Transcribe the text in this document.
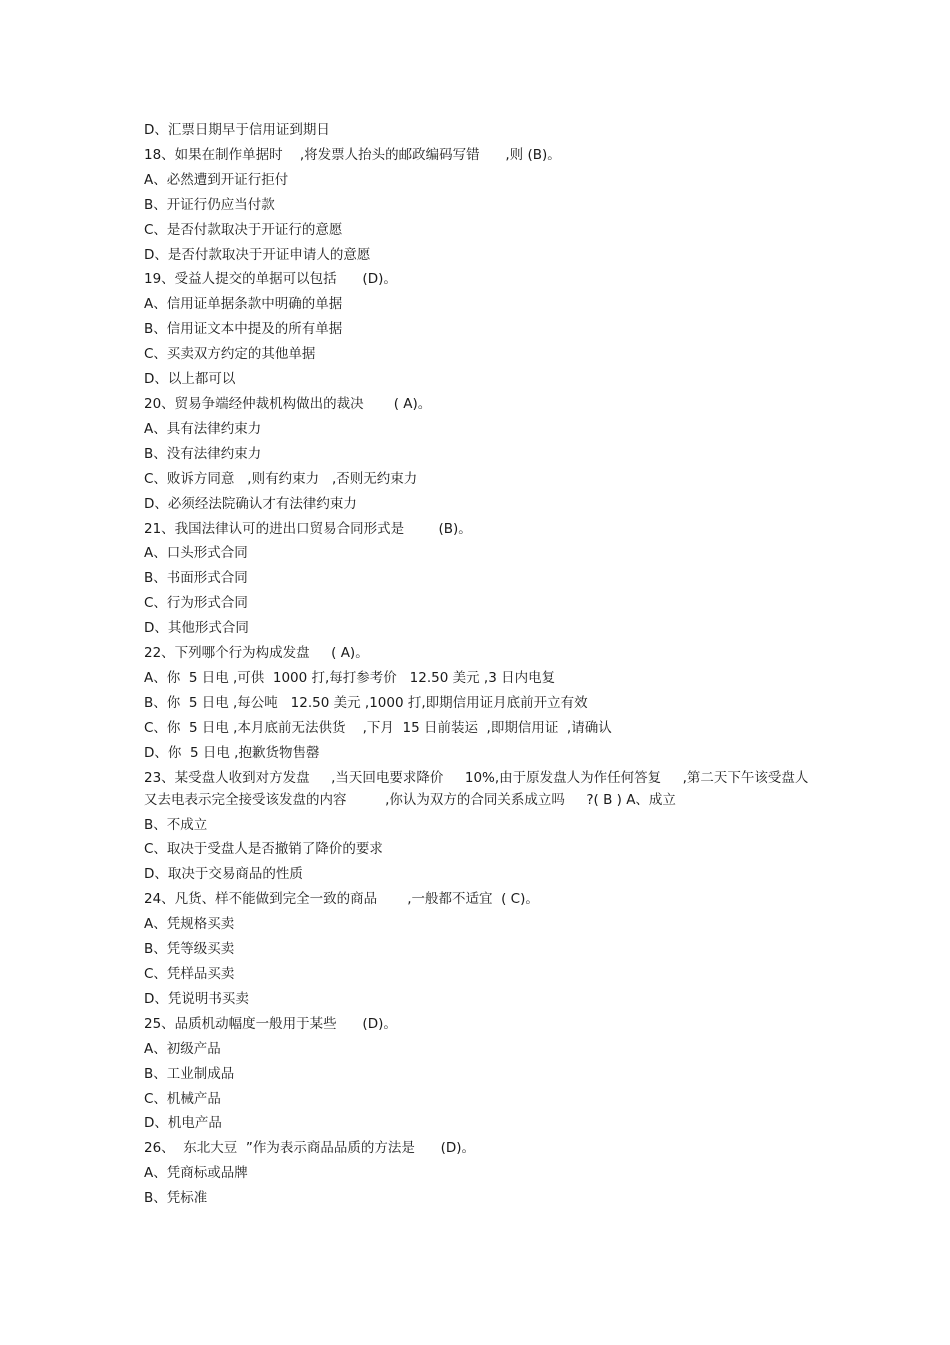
D、汇票日期早于信用证到期日

18、如果在制作单据时    ,将发票人抬头的邮政编码写错      ,则 (B)。

A、必然遭到开证行拒付

B、开证行仍应当付款

C、是否付款取决于开证行的意愿

D、是否付款取决于开证申请人的意愿

19、受益人提交的单据可以包括      (D)。

A、信用证单据条款中明确的单据

B、信用证文本中提及的所有单据

C、买卖双方约定的其他单据

D、以上都可以

20、贸易争端经仲裁机构做出的裁决       ( A)。

A、具有法律约束力

B、没有法律约束力

C、败诉方同意   ,则有约束力   ,否则无约束力

D、必须经法院确认才有法律约束力

21、我国法律认可的进出口贸易合同形式是        (B)。

A、口头形式合同

B、书面形式合同

C、行为形式合同

D、其他形式合同

22、下列哪个行为构成发盘     ( A)。

A、你  5 日电 ,可供  1000 打,每打参考价   12.50 美元 ,3 日内电复

B、你  5 日电 ,每公吨   12.50 美元 ,1000 打,即期信用证月底前开立有效

C、你  5 日电 ,本月底前无法供货    ,下月  15 日前装运  ,即期信用证  ,请确认

D、你  5 日电 ,抱歉货物售罄

23、某受盘人收到对方发盘     ,当天回电要求降价     10%,由于原发盘人为作任何答复     ,第二天下午该受盘人又去电表示完全接受该发盘的内容         ,你认为双方的合同关系成立吗     ?( B ) A、成立

B、不成立

C、取决于受盘人是否撤销了降价的要求

D、取决于交易商品的性质

24、凡货、样不能做到完全一致的商品       ,一般都不适宜  ( C)。

A、凭规格买卖

B、凭等级买卖

C、凭样品买卖

D、凭说明书买卖

25、品质机动幅度一般用于某些      (D)。

A、初级产品

B、工业制成品

C、机械产品

D、机电产品

26、  东北大豆  ”作为表示商品品质的方法是      (D)。

A、凭商标或品牌

B、凭标准
